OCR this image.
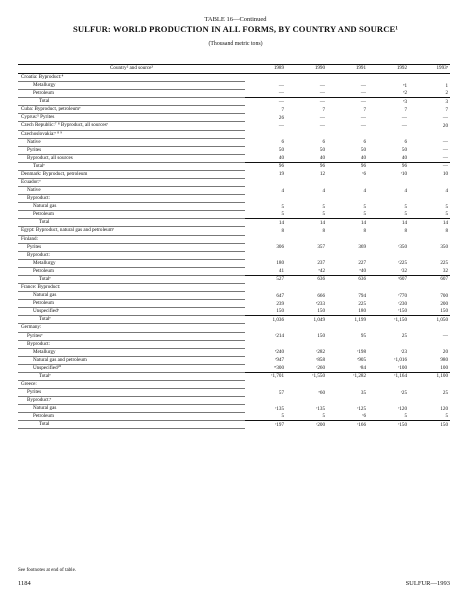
TABLE 16—Continued
SULFUR: WORLD PRODUCTION IN ALL FORMS, BY COUNTRY AND SOURCE¹
(Thousand metric tons)
Country² and source³	1989	1990	1991	1992	1993ᵉ
Croatia: Byproduct:⁴					
Metallurgy	—	—	—	ᵉ1	1
Petroleum	—	—	—	ᵉ2	2
Total	—	—	—	ᵉ3	3
Cuba: Byproduct, petroleumᵉ	7	7	7	7	7
Cyprus:⁵ Pyrites	26	—	—	—	—
Czech Republic:⁷ ⁸ Byproduct, all sourcesᵉ	—	—	—	—	20
Czechoslovakia:ᵉ ⁸ ⁹					
Native	6	6	6	6	—
Pyrites	50	50	50	50	—
Byproduct, all sources	40	40	40	40	—
Totalᵉ	96	96	96	96	—
Denmark: Byproduct, petroleum	19	12	ʳ6	ʳ10	10
Ecuador:ᵉ					
Native	4	4	4	4	4
Byproduct:					
Natural gas	5	5	5	5	5
Petroleum	5	5	5	5	5
Total	14	14	14	14	14
Egypt: Byproduct, natural gas and petroleumᵉ	8	8	8	8	8
Finland:					
Pyrites	306	357	369	ʳ350	350
Byproduct:					
Metallurgy	180	237	227	ʳ225	225
Petroleum	41	ᵉ42	ᵉ40	ʳ32	32
Totalᵉ	527	636	636	ʳ607	607
France: Byproduct:					
Natural gas	647	666	794	ʳ770	700
Petroleum	239	ᵉ233	225	ʳ230	200
Unspecifiedᵉ	150	150	180	ʳ150	150
Totalᵉ	1,036	1,049	1,199	ʳ1,150	1,050
Germany:					
Pyritesᵉ	ʳ214	150	95	25	—
Byproduct:					
Metallurgy	ᵉ240	ʳ282	ʳ198	ʳ23	20
Natural gas and petroleum	ʳ947	ʳ858	ʳ905	ʳ1,016	980
Unspecified¹⁰	ʳᵉ300	ʳ260	ʳ84	ʳ100	100
Totalᵉ	ʳ1,701	ʳ1,550	ʳ1,282	ʳ1,164	1,100
Greece:					
Pyrites	57	ᵉ60	35	ʳ25	25
Byproduct:ᵉ					
Natural gas	ʳ135	ʳ135	ʳ125	ʳ120	120
Petroleum	5	5	ʳ6	5	5
Total	ʳ197	ʳ200	ʳ166	ʳ150	150
See footnotes at end of table.
1184	SULFUR—1993
